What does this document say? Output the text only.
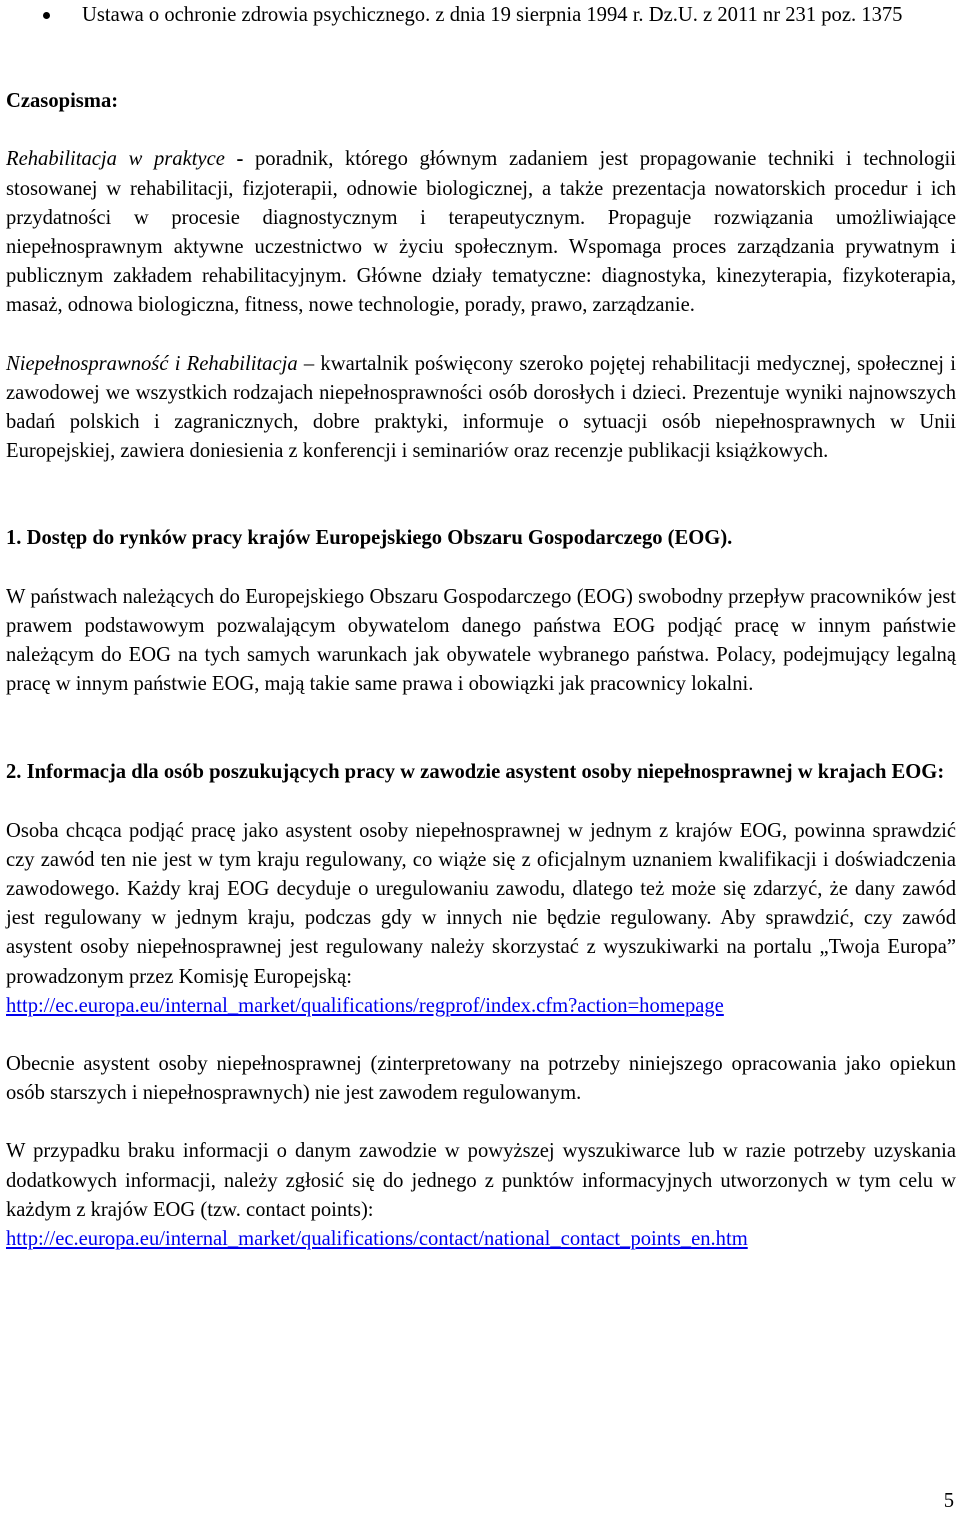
Ustawa o ochronie zdrowia psychicznego. z dnia 19 sierpnia 1994 r. Dz.U. z 2011 nr 231 poz. 1375

Czasopisma:

Rehabilitacja w praktyce - poradnik, którego głównym zadaniem jest propagowanie techniki i technologii stosowanej w rehabilitacji, fizjoterapii, odnowie biologicznej, a także prezentacja nowatorskich procedur i ich przydatności w procesie diagnostycznym i terapeutycznym. Propaguje rozwiązania umożliwiające niepełnosprawnym aktywne uczestnictwo w życiu społecznym. Wspomaga proces zarządzania prywatnym i publicznym zakładem rehabilitacyjnym. Główne działy tematyczne: diagnostyka, kinezyterapia, fizykoterapia, masaż, odnowa biologiczna, fitness, nowe technologie, porady, prawo, zarządzanie.

Niepełnosprawność i Rehabilitacja – kwartalnik poświęcony szeroko pojętej rehabilitacji medycznej, społecznej i zawodowej we wszystkich rodzajach niepełnosprawności osób dorosłych i dzieci. Prezentuje wyniki najnowszych badań polskich i zagranicznych, dobre praktyki, informuje o sytuacji osób niepełnosprawnych w Unii Europejskiej, zawiera doniesienia z konferencji i seminariów oraz recenzje publikacji książkowych.

1. Dostęp do rynków pracy krajów Europejskiego Obszaru Gospodarczego (EOG).

W państwach należących do Europejskiego Obszaru Gospodarczego (EOG) swobodny przepływ pracowników jest prawem podstawowym pozwalającym obywatelom danego państwa EOG podjąć pracę w innym państwie należącym do EOG na tych samych warunkach jak obywatele wybranego państwa. Polacy, podejmujący legalną pracę w innym państwie EOG, mają takie same prawa i obowiązki jak pracownicy lokalni.

2. Informacja dla osób poszukujących pracy w zawodzie asystent osoby niepełnosprawnej w krajach EOG:

Osoba chcąca podjąć pracę jako asystent osoby niepełnosprawnej w jednym z krajów EOG, powinna sprawdzić czy zawód ten nie jest w tym kraju regulowany, co wiąże się z oficjalnym uznaniem kwalifikacji i doświadczenia zawodowego. Każdy kraj EOG decyduje o uregulowaniu zawodu, dlatego też może się zdarzyć, że dany zawód jest regulowany w jednym kraju, podczas gdy w innych nie będzie regulowany. Aby sprawdzić, czy zawód asystent osoby niepełnosprawnej jest regulowany należy skorzystać z wyszukiwarki na portalu „Twoja Europa” prowadzonym przez Komisję Europejską:
http://ec.europa.eu/internal_market/qualifications/regprof/index.cfm?action=homepage

Obecnie asystent osoby niepełnosprawnej (zinterpretowany na potrzeby niniejszego opracowania jako opiekun osób starszych i niepełnosprawnych) nie jest zawodem regulowanym.

W przypadku braku informacji o danym zawodzie w powyższej wyszukiwarce lub w razie potrzeby uzyskania dodatkowych informacji, należy zgłosić się do jednego z punktów informacyjnych utworzonych w tym celu w każdym z krajów EOG (tzw. contact points):
http://ec.europa.eu/internal_market/qualifications/contact/national_contact_points_en.htm

5
